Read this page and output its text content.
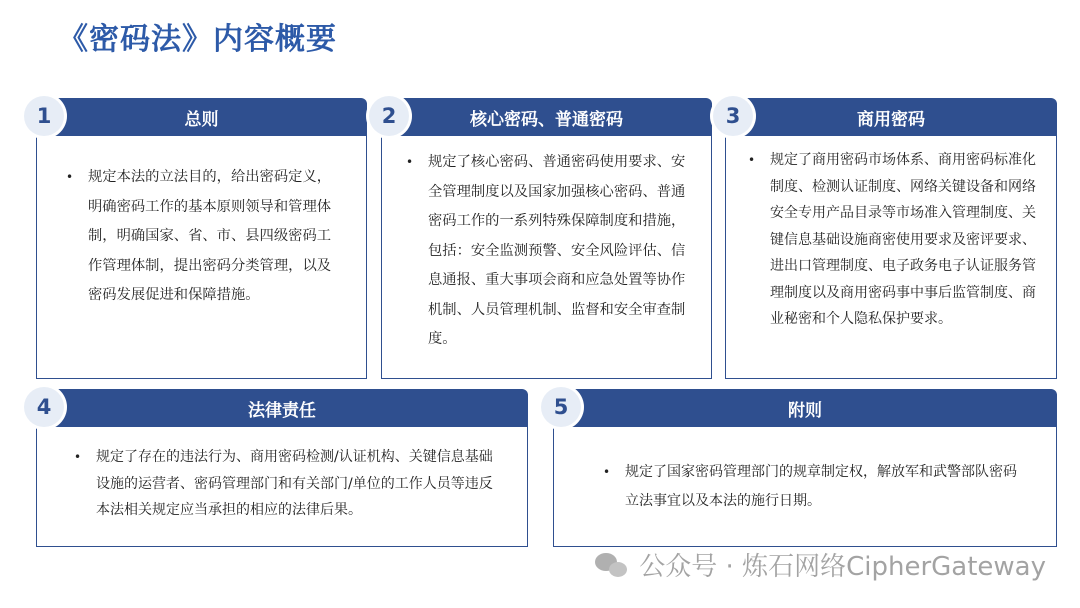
《密码法》内容概要
总则
1
•	规定本法的立法目的，给出密码定义，明确密码工作的基本原则领导和管理体制，明确国家、省、市、县四级密码工作管理体制，提出密码分类管理，以及密码发展促进和保障措施。
核心密码、普通密码
2
•	规定了核心密码、普通密码使用要求、安全管理制度以及国家加强核心密码、普通密码工作的一系列特殊保障制度和措施，包括：安全监测预警、安全风险评估、信息通报、重大事项会商和应急处置等协作机制、人员管理机制、监督和安全审查制度。
商用密码
3
•	规定了商用密码市场体系、商用密码标准化制度、检测认证制度、网络关键设备和网络安全专用产品目录等市场准入管理制度、关键信息基础设施商密使用要求及密评要求、进出口管理制度、电子政务电子认证服务管理制度以及商用密码事中事后监管制度、商业秘密和个人隐私保护要求。
法律责任
4
•	规定了存在的违法行为、商用密码检测/认证机构、关键信息基础设施的运营者、密码管理部门和有关部门/单位的工作人员等违反本法相关规定应当承担的相应的法律后果。
附则
5
•	规定了国家密码管理部门的规章制定权，解放军和武警部队密码立法事宜以及本法的施行日期。
公众号 · 炼石网络CipherGateway
